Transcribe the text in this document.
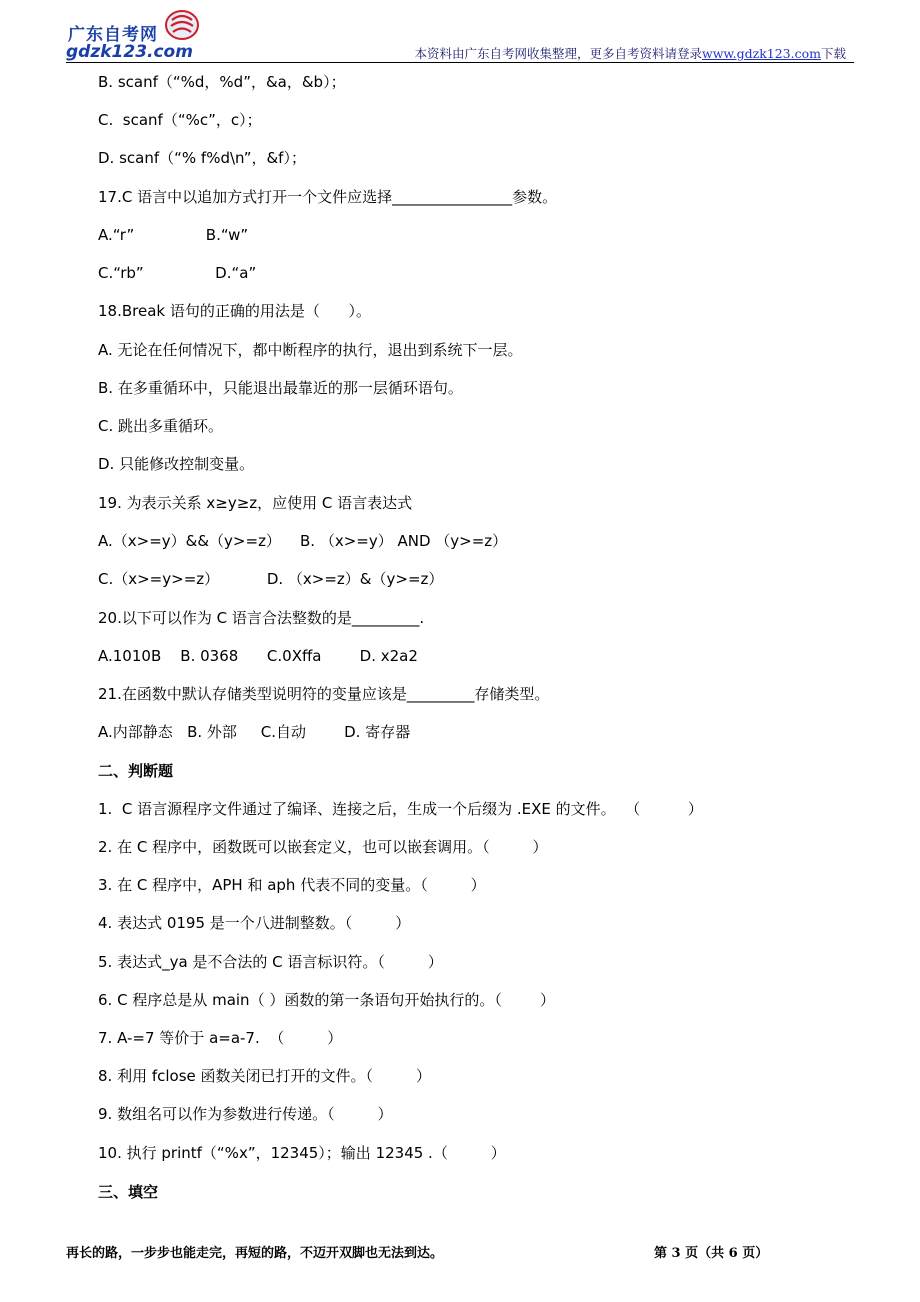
广东自考网
gdzk123.com	本资料由广东自考网收集整理，更多自考资料请登录www.gdzk123.com下载
B. scanf（“%d，%d”，&a，&b）；
C.  scanf（“%c”，c）；
D. scanf（“% f%d\n”，&f）；
17.C 语言中以追加方式打开一个文件应选择________________参数。
A.“r”               B.“w”
C.“rb”               D.“a”
18.Break 语句的正确的用法是（      ）。
A. 无论在任何情况下，都中断程序的执行，退出到系统下一层。
B. 在多重循环中，只能退出最靠近的那一层循环语句。
C. 跳出多重循环。
D. 只能修改控制变量。
19. 为表示关系 x≥y≥z，应使用 C 语言表达式
A.（x>=y）&&（y>=z）    B. （x>=y） AND （y>=z）
C.（x>=y>=z）          D. （x>=z）&（y>=z）
20.以下可以作为 C 语言合法整数的是_________.
A.1010B    B. 0368      C.0Xffa        D. x2a2
21.在函数中默认存储类型说明符的变量应该是_________存储类型。
A.内部静态   B. 外部     C.自动        D. 寄存器
二、判断题
1.  C 语言源程序文件通过了编译、连接之后，生成一个后缀为 .EXE 的文件。  （          ）
2. 在 C 程序中，函数既可以嵌套定义，也可以嵌套调用。（         ）
3. 在 C 程序中，APH 和 aph 代表不同的变量。（         ）
4. 表达式 0195 是一个八进制整数。（         ）
5. 表达式_ya 是不合法的 C 语言标识符。（         ）
6. C 程序总是从 main（ ）函数的第一条语句开始执行的。（        ）
7. A-=7 等价于 a=a-7.  （         ）
8. 利用 fclose 函数关闭已打开的文件。（         ）
9. 数组名可以作为参数进行传递。（         ）
10. 执行 printf（“%x”，12345）；输出 12345 .（         ）
三、填空
再长的路，一步步也能走完，再短的路，不迈开双脚也无法到达。	第 3 页（共 6 页）
